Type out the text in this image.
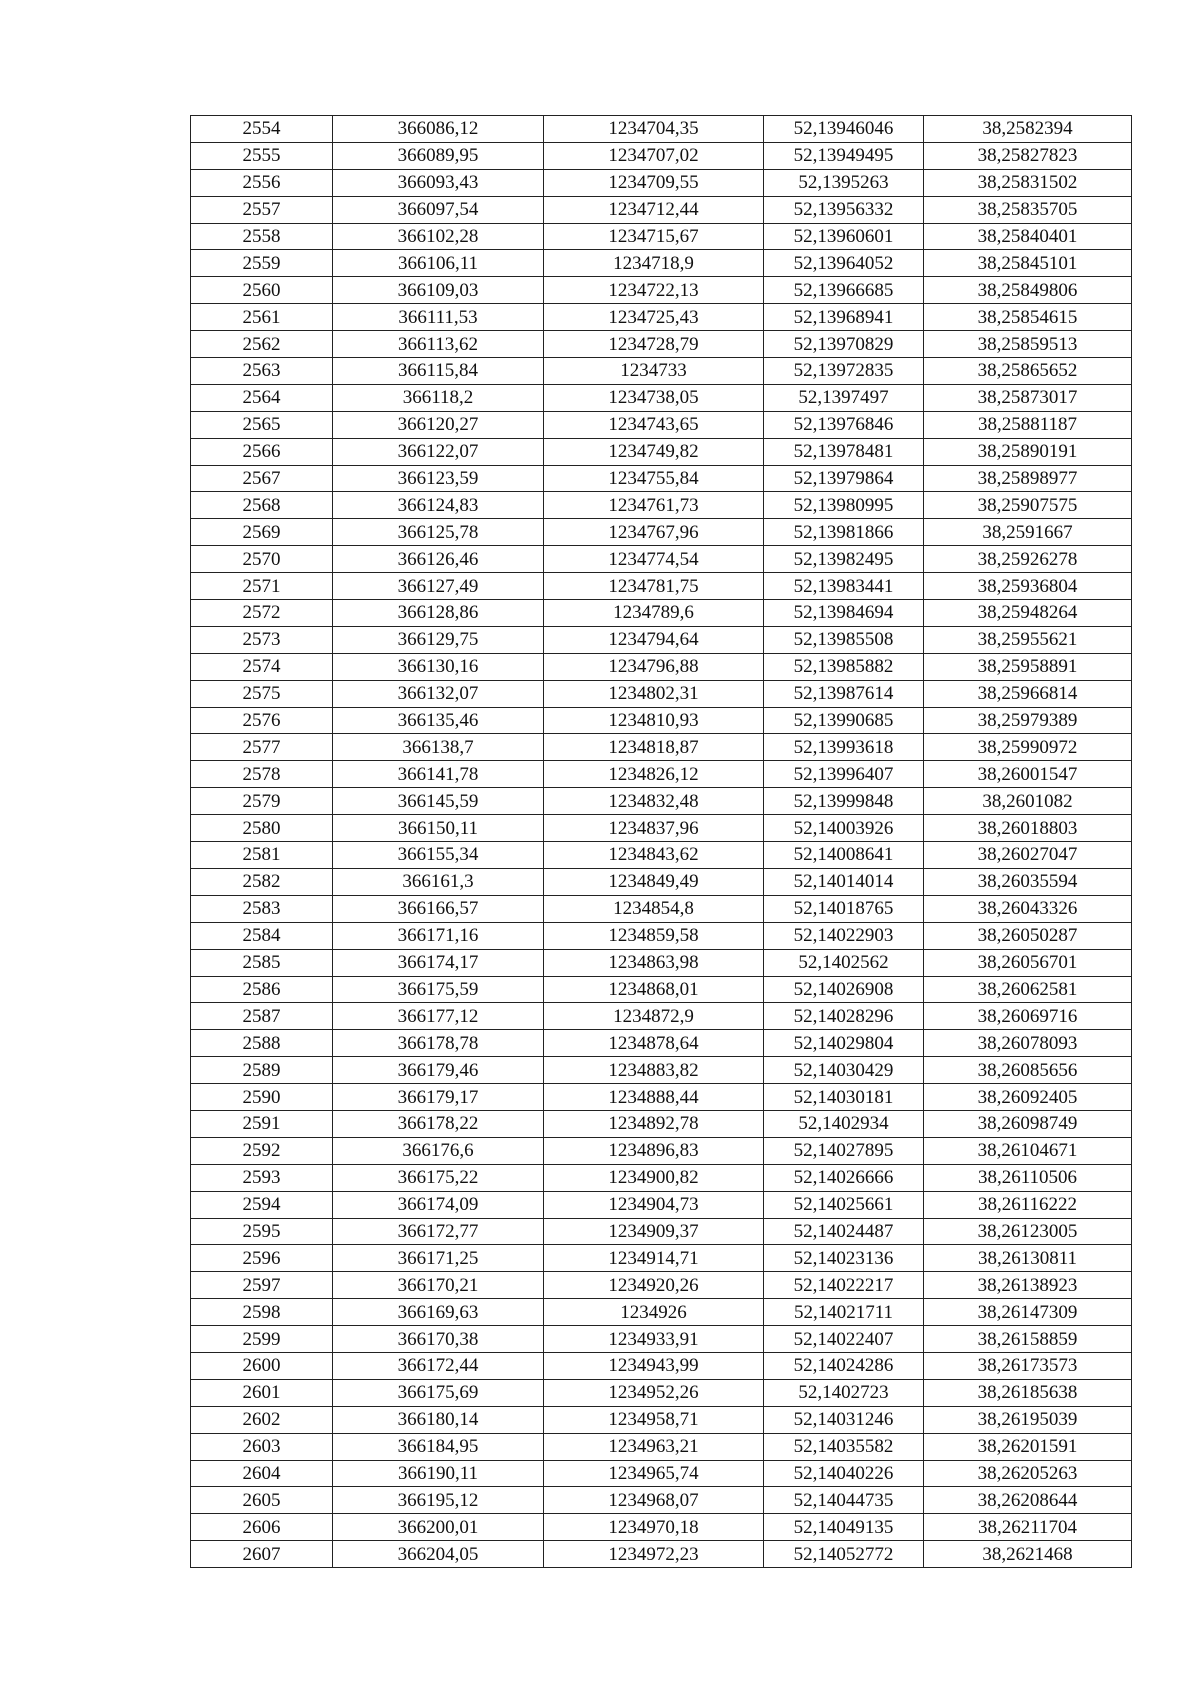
2554	366086,12	1234704,35	52,13946046	38,2582394
2555	366089,95	1234707,02	52,13949495	38,25827823
2556	366093,43	1234709,55	52,1395263	38,25831502
2557	366097,54	1234712,44	52,13956332	38,25835705
2558	366102,28	1234715,67	52,13960601	38,25840401
2559	366106,11	1234718,9	52,13964052	38,25845101
2560	366109,03	1234722,13	52,13966685	38,25849806
2561	366111,53	1234725,43	52,13968941	38,25854615
2562	366113,62	1234728,79	52,13970829	38,25859513
2563	366115,84	1234733	52,13972835	38,25865652
2564	366118,2	1234738,05	52,1397497	38,25873017
2565	366120,27	1234743,65	52,13976846	38,25881187
2566	366122,07	1234749,82	52,13978481	38,25890191
2567	366123,59	1234755,84	52,13979864	38,25898977
2568	366124,83	1234761,73	52,13980995	38,25907575
2569	366125,78	1234767,96	52,13981866	38,2591667
2570	366126,46	1234774,54	52,13982495	38,25926278
2571	366127,49	1234781,75	52,13983441	38,25936804
2572	366128,86	1234789,6	52,13984694	38,25948264
2573	366129,75	1234794,64	52,13985508	38,25955621
2574	366130,16	1234796,88	52,13985882	38,25958891
2575	366132,07	1234802,31	52,13987614	38,25966814
2576	366135,46	1234810,93	52,13990685	38,25979389
2577	366138,7	1234818,87	52,13993618	38,25990972
2578	366141,78	1234826,12	52,13996407	38,26001547
2579	366145,59	1234832,48	52,13999848	38,2601082
2580	366150,11	1234837,96	52,14003926	38,26018803
2581	366155,34	1234843,62	52,14008641	38,26027047
2582	366161,3	1234849,49	52,14014014	38,26035594
2583	366166,57	1234854,8	52,14018765	38,26043326
2584	366171,16	1234859,58	52,14022903	38,26050287
2585	366174,17	1234863,98	52,1402562	38,26056701
2586	366175,59	1234868,01	52,14026908	38,26062581
2587	366177,12	1234872,9	52,14028296	38,26069716
2588	366178,78	1234878,64	52,14029804	38,26078093
2589	366179,46	1234883,82	52,14030429	38,26085656
2590	366179,17	1234888,44	52,14030181	38,26092405
2591	366178,22	1234892,78	52,1402934	38,26098749
2592	366176,6	1234896,83	52,14027895	38,26104671
2593	366175,22	1234900,82	52,14026666	38,26110506
2594	366174,09	1234904,73	52,14025661	38,26116222
2595	366172,77	1234909,37	52,14024487	38,26123005
2596	366171,25	1234914,71	52,14023136	38,26130811
2597	366170,21	1234920,26	52,14022217	38,26138923
2598	366169,63	1234926	52,14021711	38,26147309
2599	366170,38	1234933,91	52,14022407	38,26158859
2600	366172,44	1234943,99	52,14024286	38,26173573
2601	366175,69	1234952,26	52,1402723	38,26185638
2602	366180,14	1234958,71	52,14031246	38,26195039
2603	366184,95	1234963,21	52,14035582	38,26201591
2604	366190,11	1234965,74	52,14040226	38,26205263
2605	366195,12	1234968,07	52,14044735	38,26208644
2606	366200,01	1234970,18	52,14049135	38,26211704
2607	366204,05	1234972,23	52,14052772	38,2621468
